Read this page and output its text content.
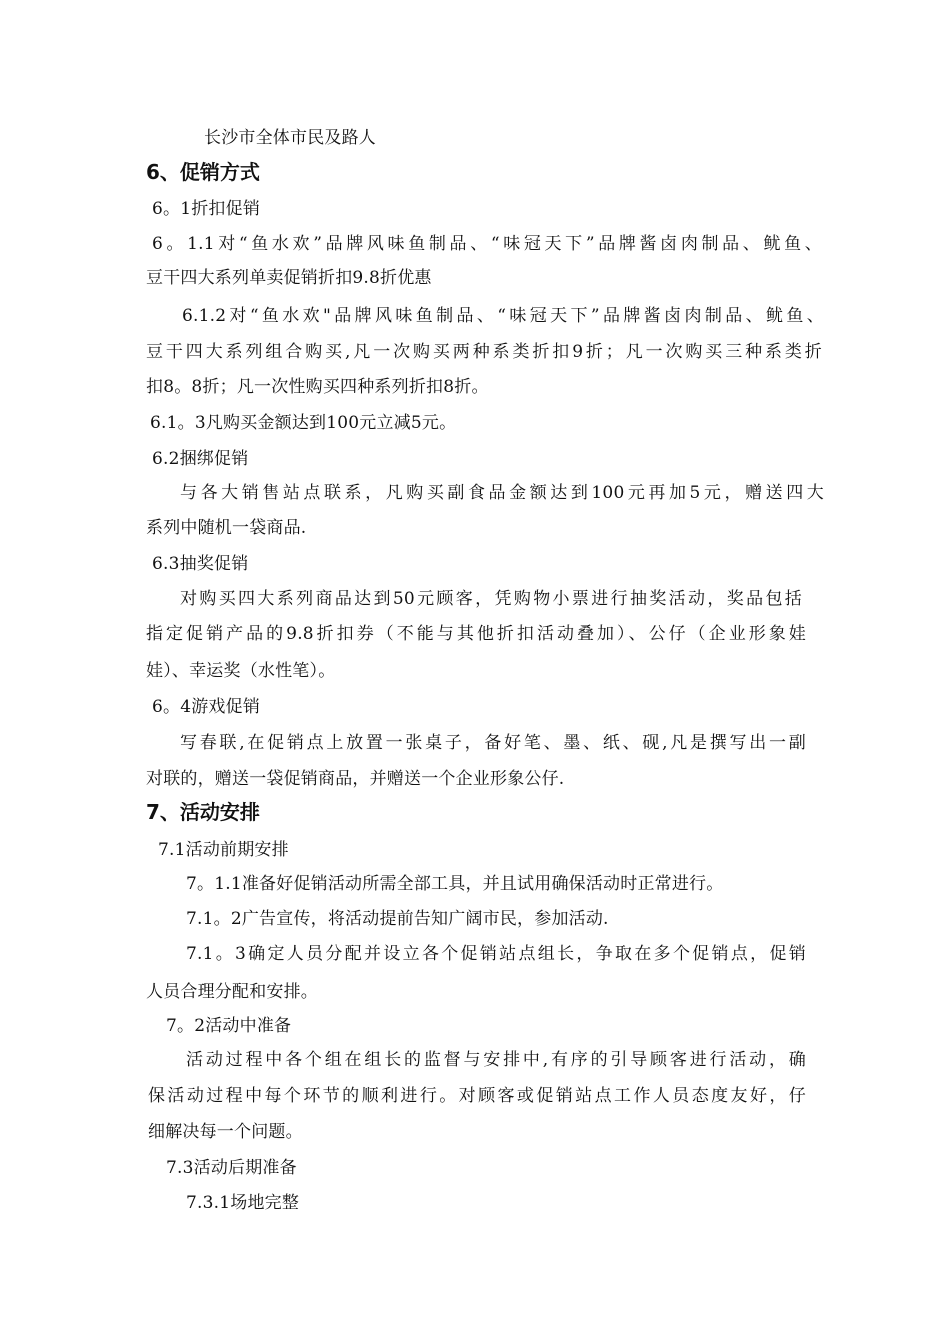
长沙市全体市民及路人
6、促销方式
6。1折扣促销
6。1.1对“鱼水欢”品牌风味鱼制品、“味冠天下”品牌酱卤肉制品、鱿鱼、
豆干四大系列单卖促销折扣9.8折优惠
6.1.2对“鱼水欢"品牌风味鱼制品、“味冠天下”品牌酱卤肉制品、鱿鱼、
豆干四大系列组合购买,凡一次购买两种系类折扣9折；凡一次购买三种系类折
扣8。8折；凡一次性购买四种系列折扣8折。
6.1。3凡购买金额达到100元立减5元。
6.2捆绑促销
与各大销售站点联系，凡购买副食品金额达到100元再加5元，赠送四大
系列中随机一袋商品.
6.3抽奖促销
对购买四大系列商品达到50元顾客，凭购物小票进行抽奖活动，奖品包括
指定促销产品的9.8折扣券（不能与其他折扣活动叠加）、公仔（企业形象娃
娃）、幸运奖（水性笔）。
6。4游戏促销
写春联,在促销点上放置一张桌子，备好笔、墨、纸、砚,凡是撰写出一副
对联的，赠送一袋促销商品，并赠送一个企业形象公仔.
7、活动安排
7.1活动前期安排
7。1.1准备好促销活动所需全部工具，并且试用确保活动时正常进行。
7.1。2广告宣传，将活动提前告知广阔市民，参加活动.
7.1。3确定人员分配并设立各个促销站点组长，争取在多个促销点，促销
人员合理分配和安排。
7。2活动中准备
活动过程中各个组在组长的监督与安排中,有序的引导顾客进行活动，确
保活动过程中每个环节的顺利进行。对顾客或促销站点工作人员态度友好，仔
细解决每一个问题。
7.3活动后期准备
7.3.1场地完整
